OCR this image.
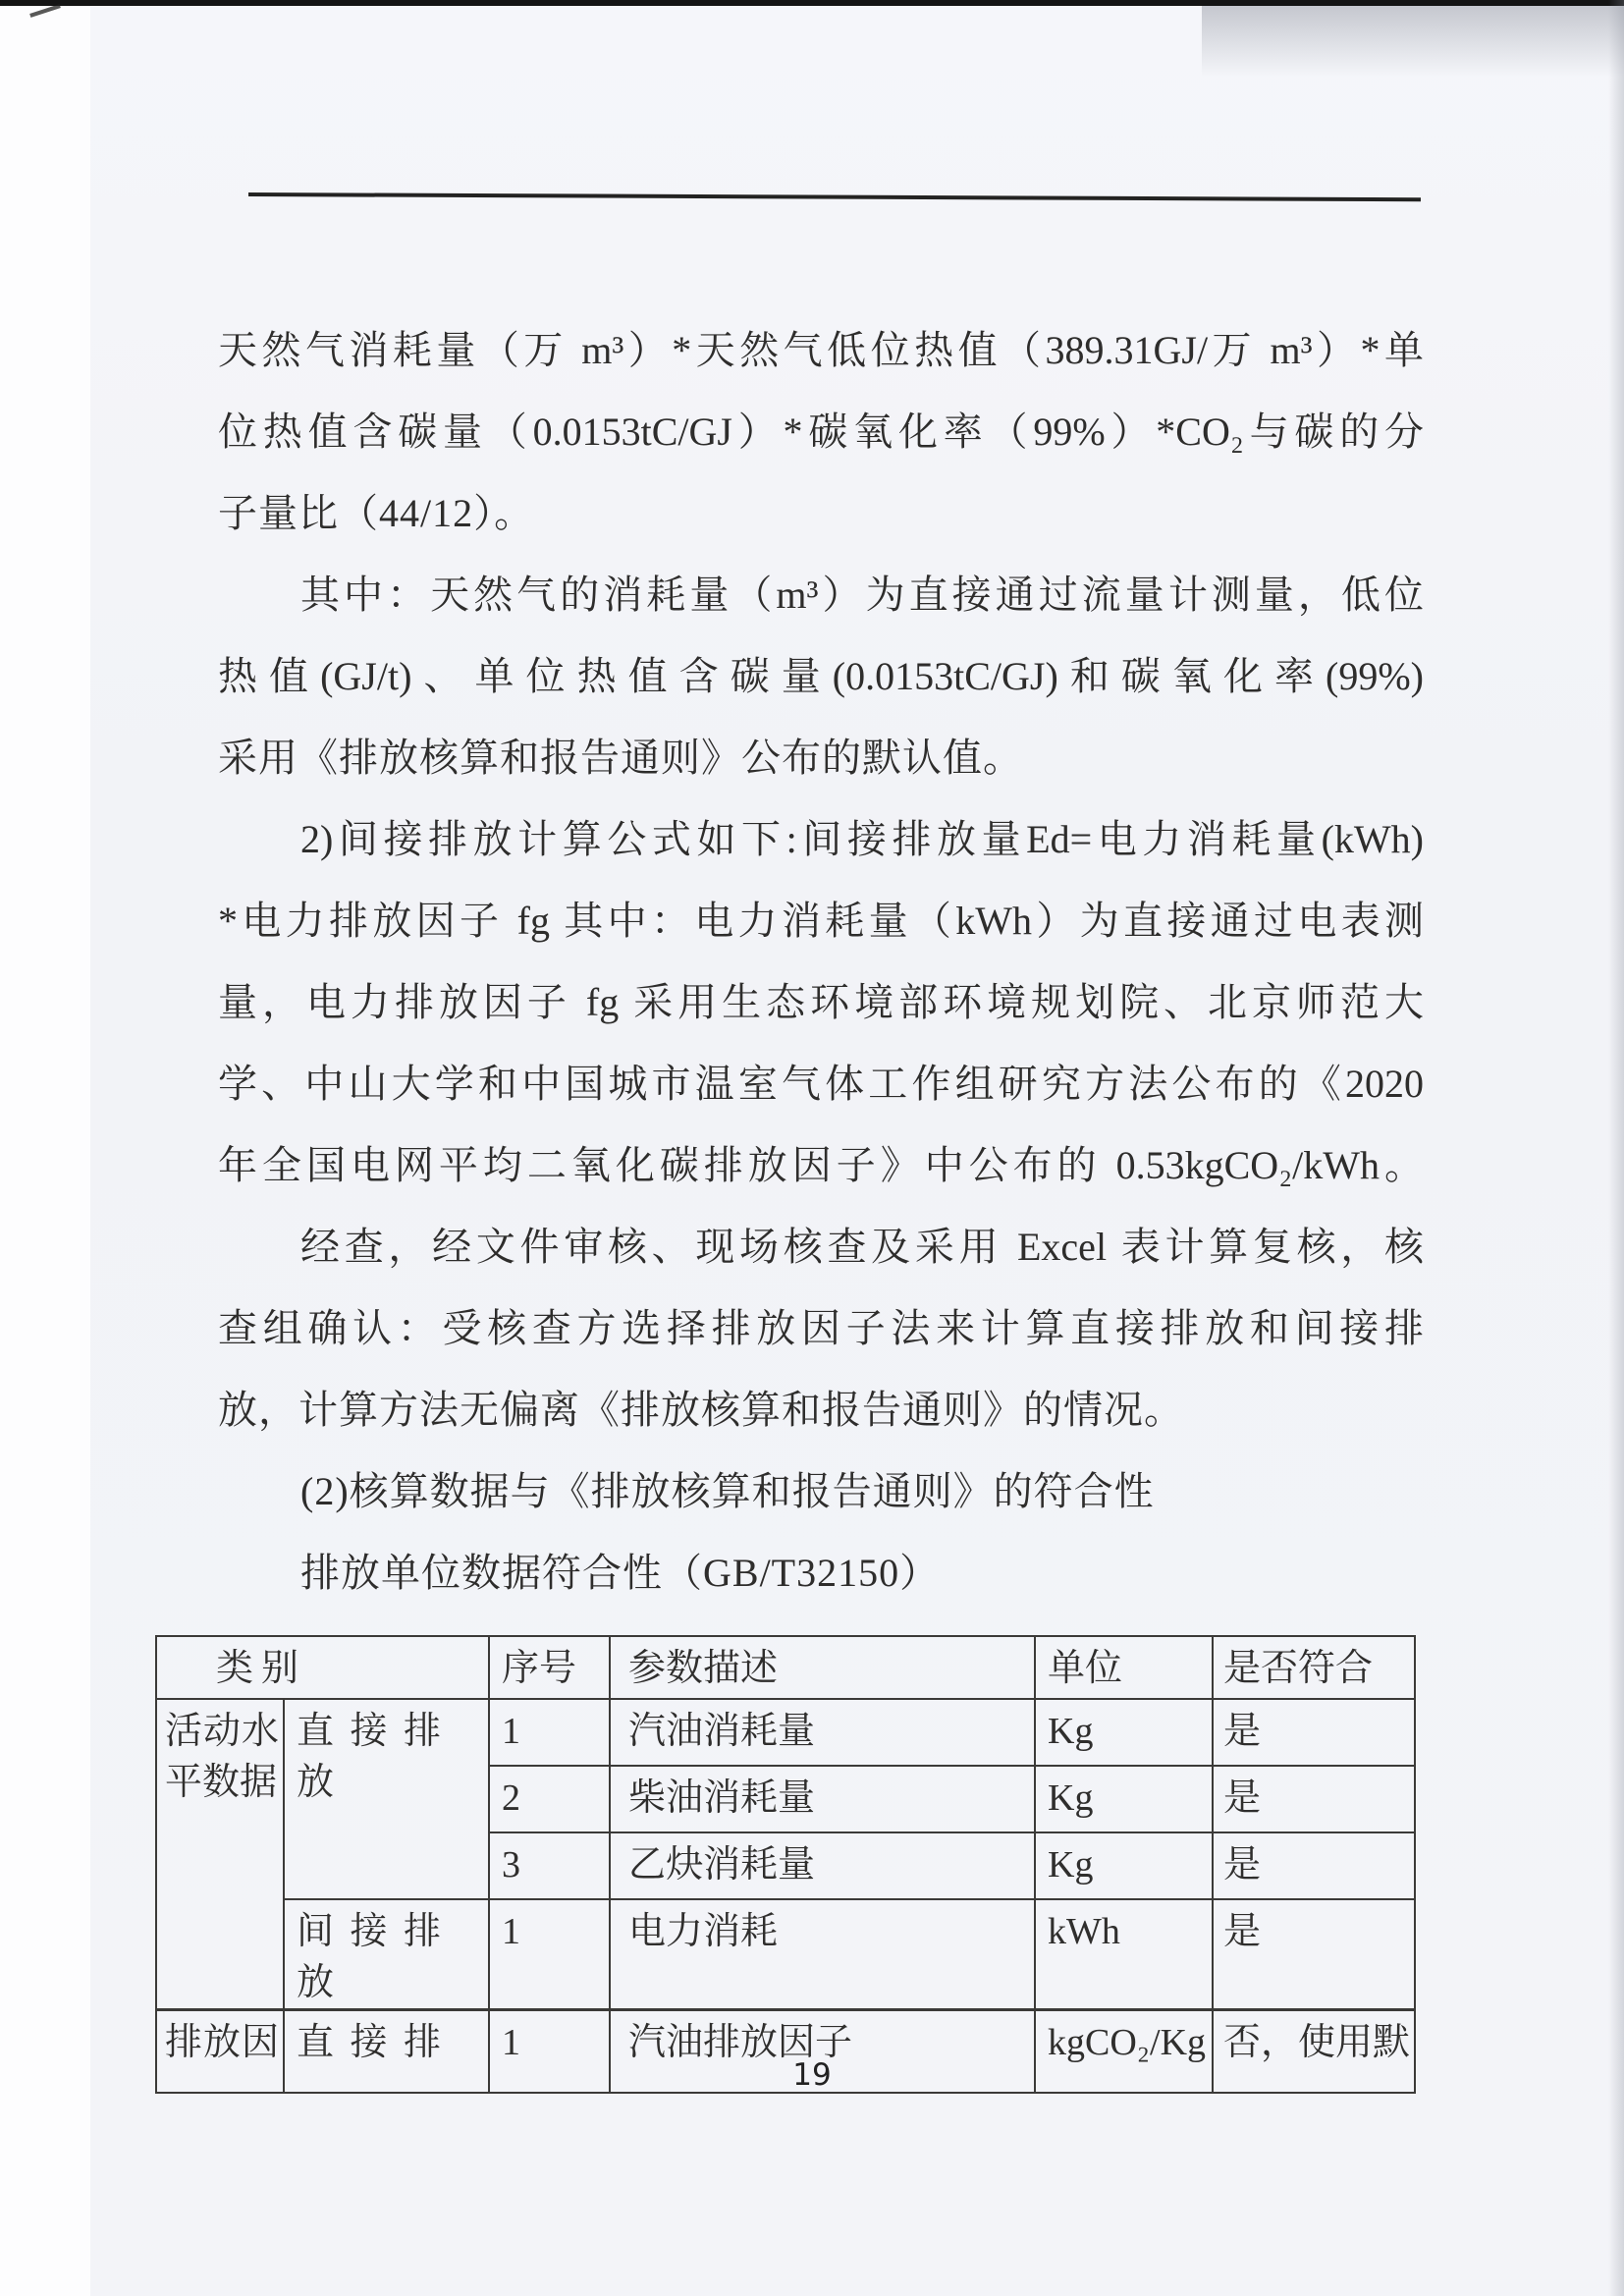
天然气消耗量（万 m³）*天然气低位热值（389.31GJ/万 m³）*单
位热值含碳量（0.0153tC/GJ）*碳氧化率（99%）*CO₂与碳的分
子量比（44/12）。
其中：天然气的消耗量（m³）为直接通过流量计测量，低位
热值(GJ/t)、单位热值含碳量(0.0153tC/GJ)和碳氧化率(99%)
采用《排放核算和报告通则》公布的默认值。
2)间接排放计算公式如下:间接排放量Ed=电力消耗量(kWh)
*电力排放因子 fg 其中：电力消耗量（kWh）为直接通过电表测
量，电力排放因子 fg 采用生态环境部环境规划院、北京师范大
学、中山大学和中国城市温室气体工作组研究方法公布的《2020
年全国电网平均二氧化碳排放因子》中公布的 0.53kgCO₂/kWh。
经查，经文件审核、现场核查及采用 Excel 表计算复核，核
查组确认：受核查方选择排放因子法来计算直接排放和间接排
放，计算方法无偏离《排放核算和报告通则》的情况。
(2)核算数据与《排放核算和报告通则》的符合性
排放单位数据符合性（GB/T32150）
类别		序号	参数描述	单位	是否符合
活动水平数据	直接排放	1	汽油消耗量	Kg	是
		2	柴油消耗量	Kg	是
		3	乙炔消耗量	Kg	是
	间接排放	1	电力消耗	kWh	是
排放因	直接排	1	汽油排放因子	kgCO₂/Kg	否，使用默
19
